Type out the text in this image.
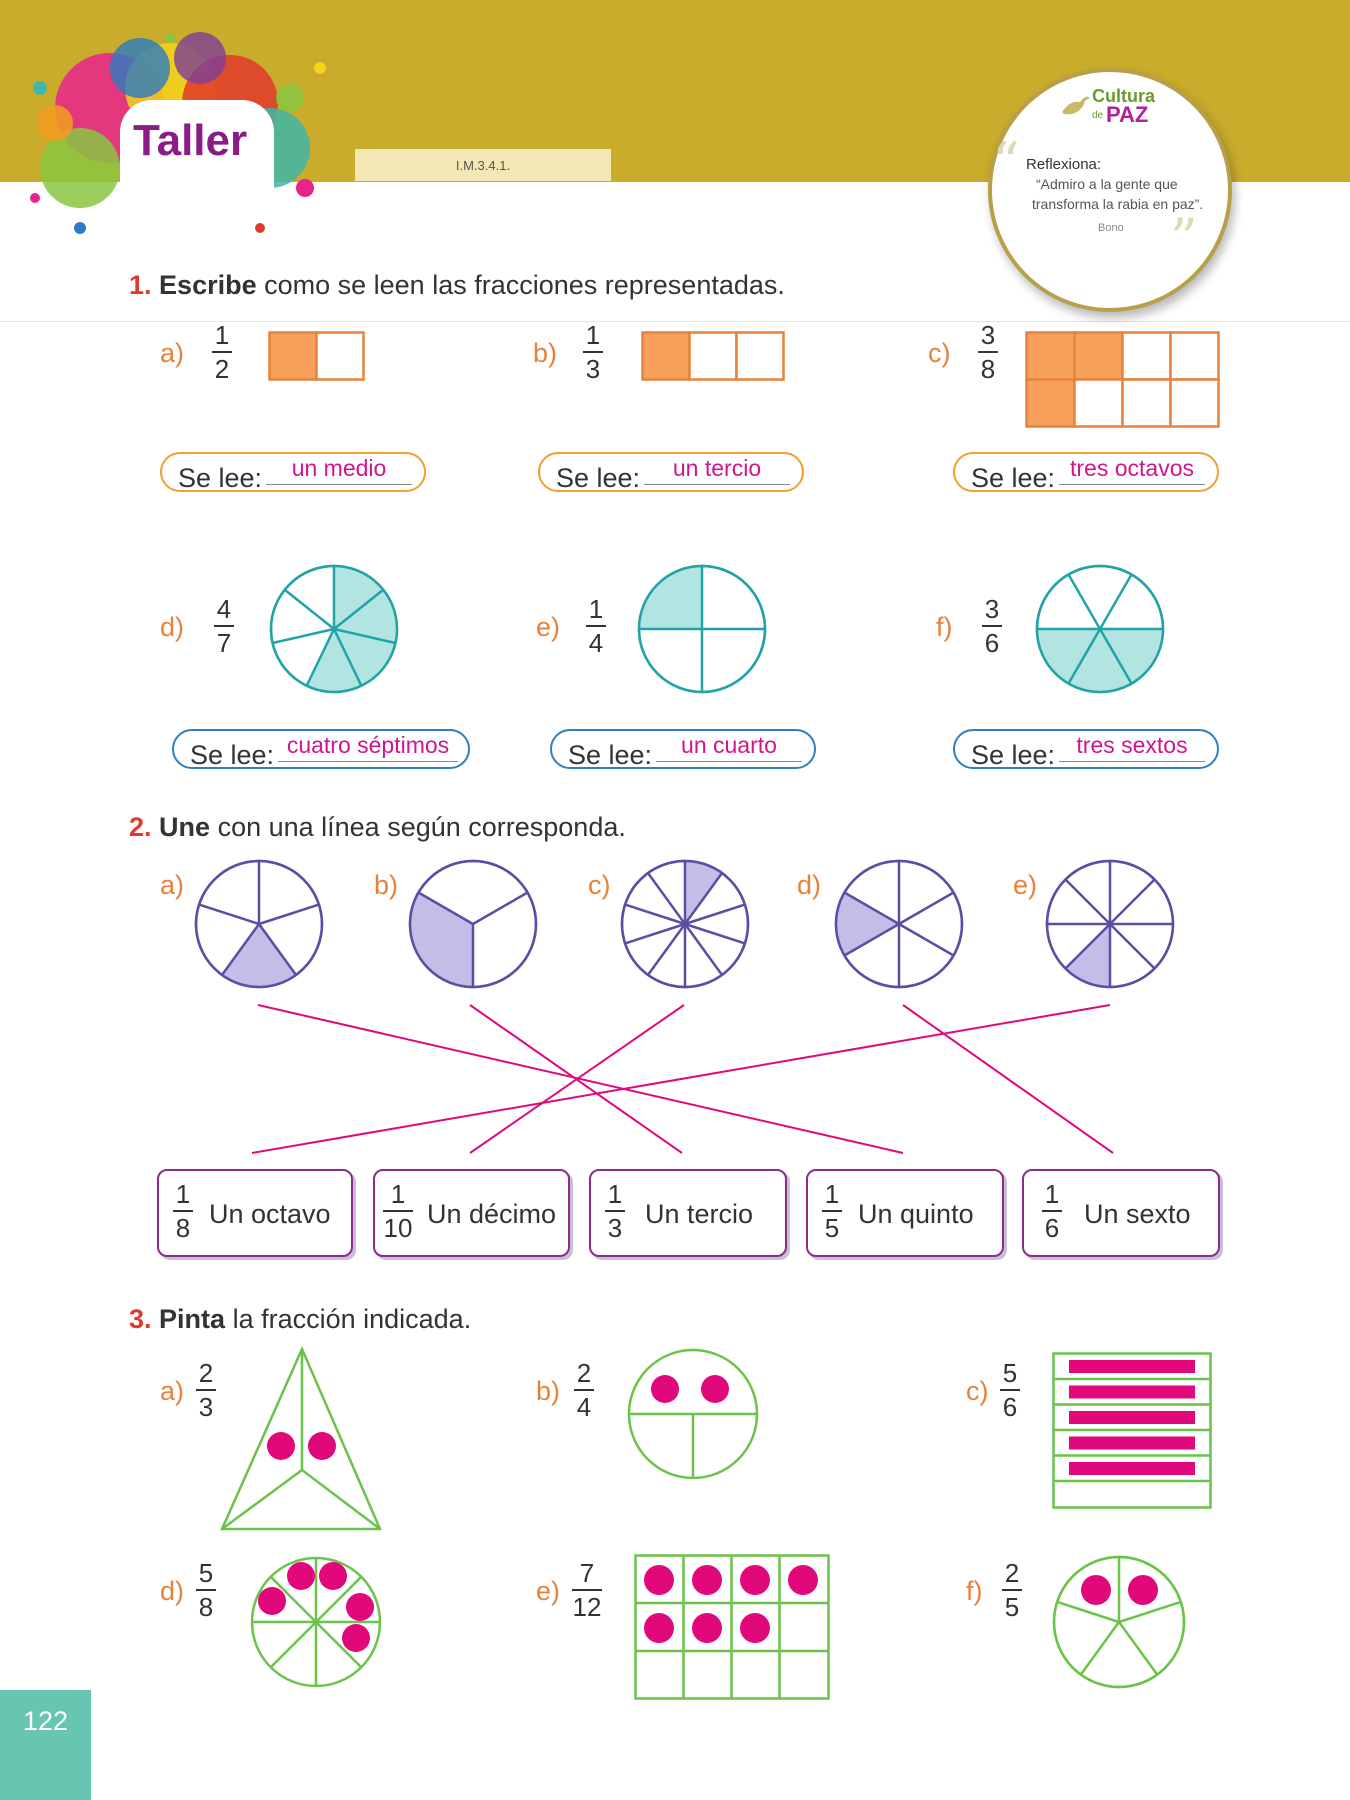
Taller
I.M.3.4.1.
Cultura
de PAZ
“ Reflexiona:
“Admiro a la gente que
transforma la rabia en paz”.
Bono ”
1. Escribe como se leen las fracciones representadas.
a)
1
2
b)
1
3
c)
3
8
Se lee:	un medio	Se lee:	un tercio	Se lee: tres octavos
d)
4
7
e)
1
4
f)
3
6
Se lee: cuatro séptimos	Se lee:	un cuarto	Se lee: tres sextos
2. Une con una línea según corresponda.
a)	b)	c)	d)	e)
1
8 Un octavo
1
10 Un décimo
1
3 Un tercio
1
5 Un quinto
1
6 Un sexto
3. Pinta la fracción indicada.
a)
2
3
b)
2
4
c)
5
6
d)
5
8
e)
7
12
f)
2
5
122
